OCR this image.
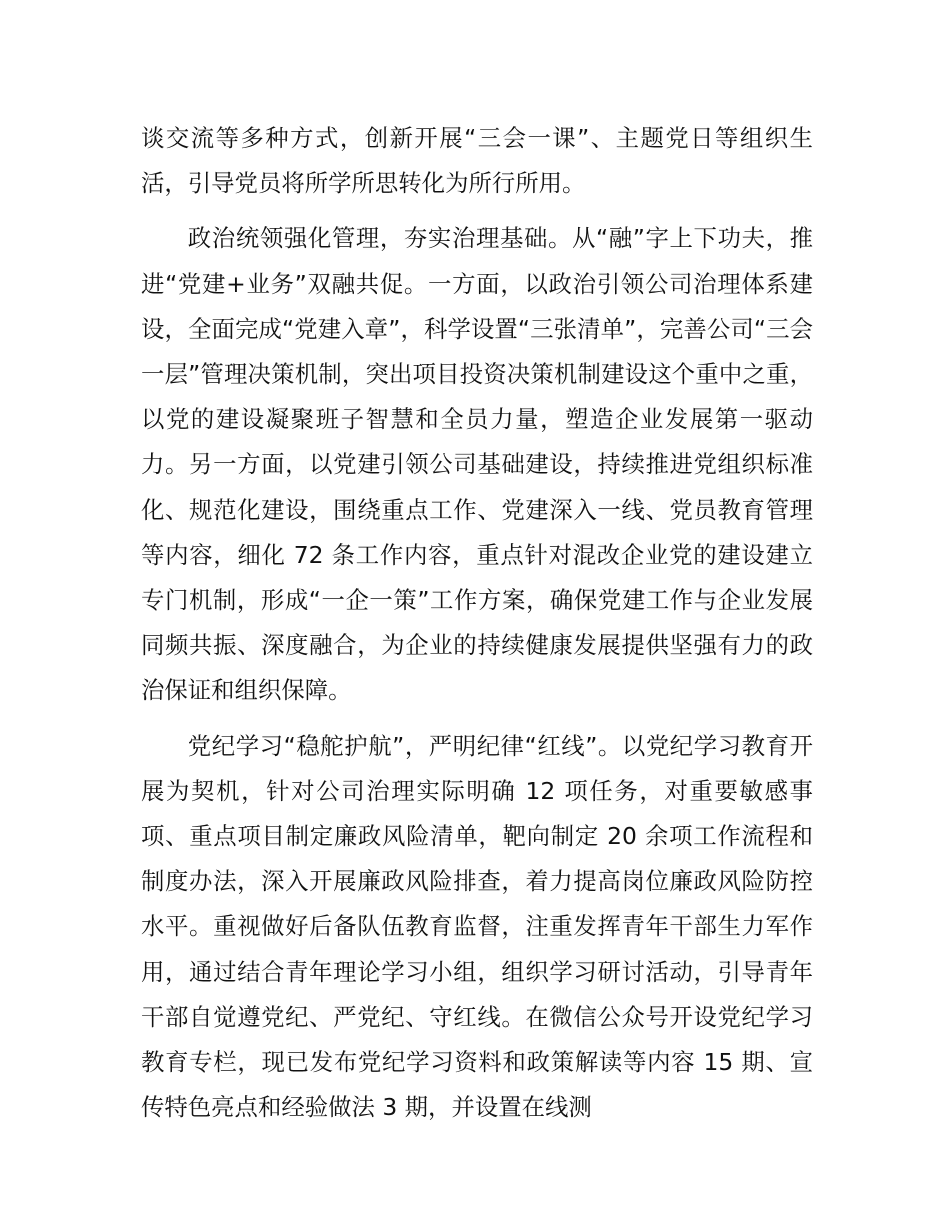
谈交流等多种方式，创新开展“三会一课”、主题党日等组织生活，引导党员将所学所思转化为所行所用。

政治统领强化管理，夯实治理基础。从“融”字上下功夫，推进“党建+业务”双融共促。一方面，以政治引领公司治理体系建设，全面完成“党建入章”，科学设置“三张清单”，完善公司“三会一层”管理决策机制，突出项目投资决策机制建设这个重中之重，以党的建设凝聚班子智慧和全员力量，塑造企业发展第一驱动力。另一方面，以党建引领公司基础建设，持续推进党组织标准化、规范化建设，围绕重点工作、党建深入一线、党员教育管理等内容，细化 72 条工作内容，重点针对混改企业党的建设建立专门机制，形成“一企一策”工作方案，确保党建工作与企业发展同频共振、深度融合，为企业的持续健康发展提供坚强有力的政治保证和组织保障。

党纪学习“稳舵护航”，严明纪律“红线”。以党纪学习教育开展为契机，针对公司治理实际明确 12 项任务，对重要敏感事项、重点项目制定廉政风险清单，靶向制定 20 余项工作流程和制度办法，深入开展廉政风险排查，着力提高岗位廉政风险防控水平。重视做好后备队伍教育监督，注重发挥青年干部生力军作用，通过结合青年理论学习小组，组织学习研讨活动，引导青年干部自觉遵党纪、严党纪、守红线。在微信公众号开设党纪学习教育专栏，现已发布党纪学习资料和政策解读等内容 15 期、宣传特色亮点和经验做法 3 期，并设置在线测
